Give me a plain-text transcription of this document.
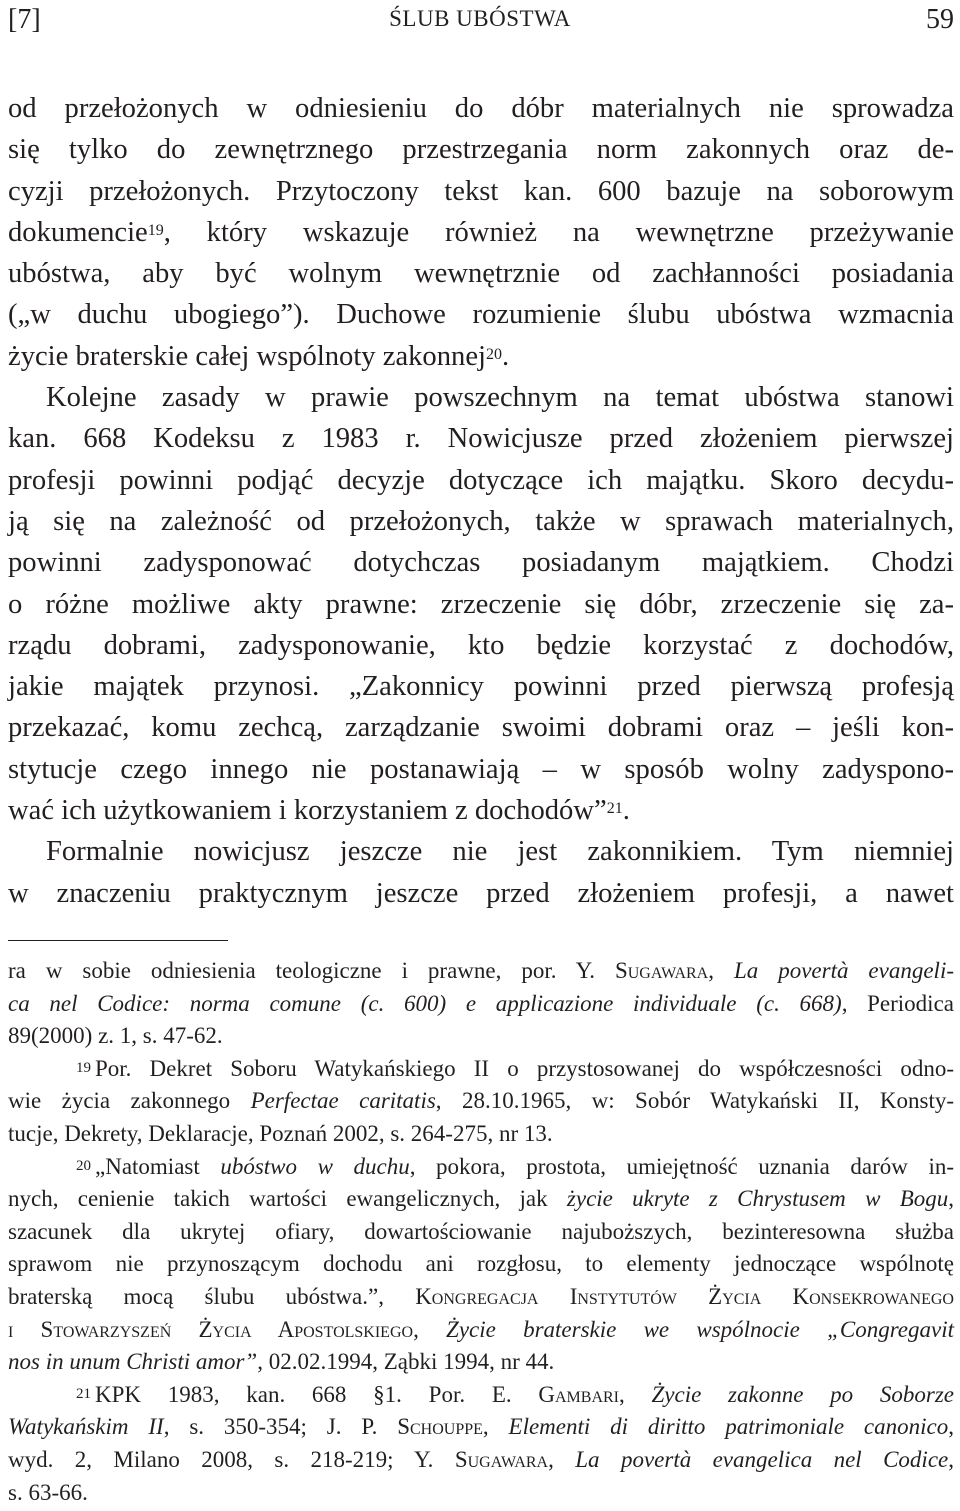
[7]	ŚLUB UBÓSTWA	59
od przełożonych w odniesieniu do dóbr materialnych nie sprowadza
się tylko do zewnętrznego przestrzegania norm zakonnych oraz de-
cyzji przełożonych. Przytoczony tekst kan. 600 bazuje na soborowym
dokumencie$^{19}$, który wskazuje również na wewnętrzne przeżywanie
ubóstwa, aby być wolnym wewnętrznie od zachłanności posiadania
(„w duchu ubogiego”). Duchowe rozumienie ślubu ubóstwa wzmacnia
życie braterskie całej wspólnoty zakonnej$^{20}$.
Kolejne zasady w prawie powszechnym na temat ubóstwa stanowi
kan. 668 Kodeksu z 1983 r. Nowicjusze przed złożeniem pierwszej
profesji powinni podjąć decyzje dotyczące ich majątku. Skoro decydu-
ją się na zależność od przełożonych, także w sprawach materialnych,
powinni zadysponować dotychczas posiadanym majątkiem. Chodzi
o różne możliwe akty prawne: zrzeczenie się dóbr, zrzeczenie się za-
rządu dobrami, zadysponowanie, kto będzie korzystać z dochodów,
jakie majątek przynosi. „Zakonnicy powinni przed pierwszą profesją
przekazać, komu zechcą, zarządzanie swoimi dobrami oraz – jeśli kon-
stytucje czego innego nie postanawiają – w sposób wolny zadyspono-
wać ich użytkowaniem i korzystaniem z dochodów”$^{21}$.
Formalnie nowicjusz jeszcze nie jest zakonnikiem. Tym niemniej
w znaczeniu praktycznym jeszcze przed złożeniem profesji, a nawet
ra w sobie odniesienia teologiczne i prawne, por. Y. Sugawara, La povertà evangeli-
ca nel Codice: norma comune (c. 600) e applicazione individuale (c. 668), Periodica
89(2000) z. 1, s. 47-62.
$^{19}$ Por. Dekret Soboru Watykańskiego II o przystosowanej do współczesności odno-
wie życia zakonnego Perfectae caritatis, 28.10.1965, w: Sobór Watykański II, Konsty-
tucje, Dekrety, Deklaracje, Poznań 2002, s. 264-275, nr 13.
$^{20}$ „Natomiast ubóstwo w duchu, pokora, prostota, umiejętność uznania darów in-
nych, cenienie takich wartości ewangelicznych, jak życie ukryte z Chrystusem w Bogu,
szacunek dla ukrytej ofiary, dowartościowanie najuboższych, bezinteresowna służba
sprawom nie przynoszącym dochodu ani rozgłosu, to elementy jednoczące wspólnotę
braterską mocą ślubu ubóstwa.”, Kongregacja Instytutów Życia Konsekrowanego
i Stowarzyszeń Życia Apostolskiego, Życie braterskie we wspólnocie „Congregavit
nos in unum Christi amor”, 02.02.1994, Ząbki 1994, nr 44.
$^{21}$ KPK 1983, kan. 668 §1. Por. E. Gambari, Życie zakonne po Soborze
Watykańskim II, s. 350-354; J. P. Schouppe, Elementi di diritto patrimoniale canonico,
wyd. 2, Milano 2008, s. 218-219; Y. Sugawara, La povertà evangelica nel Codice,
s. 63-66.
